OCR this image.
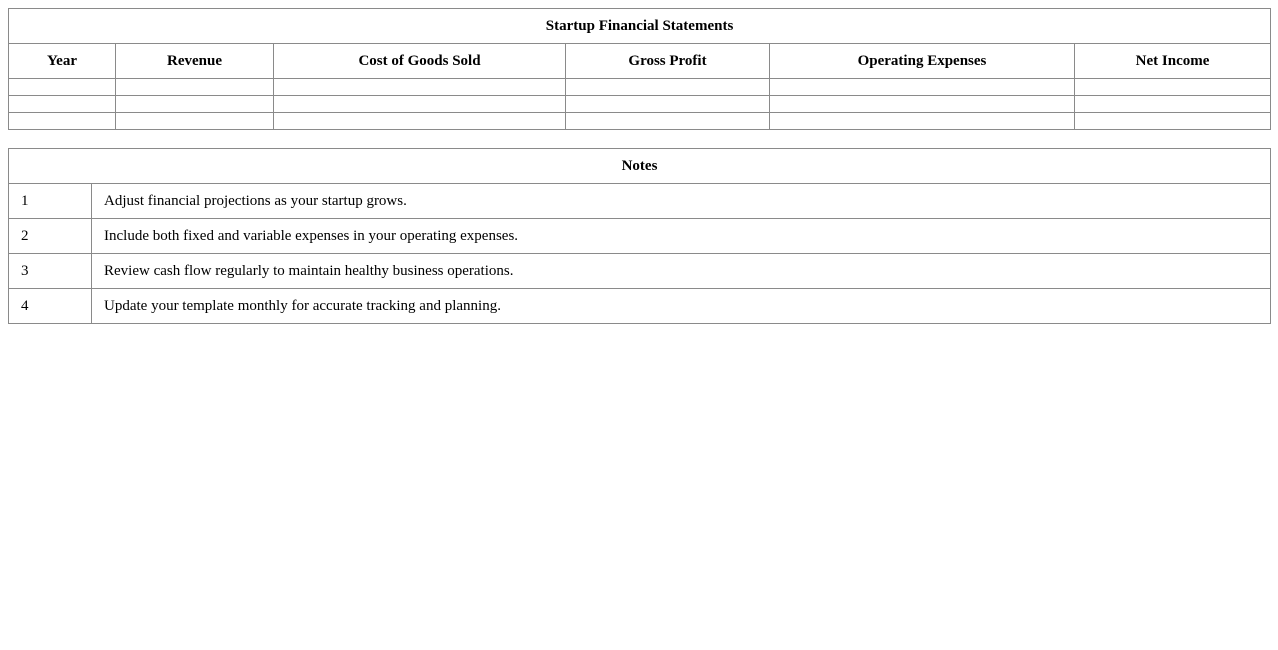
Startup Financial Statements					
Year	Revenue	Cost of Goods Sold	Gross Profit	Operating Expenses	Net Income

Notes	
1	Adjust financial projections as your startup grows.
2	Include both fixed and variable expenses in your operating expenses.
3	Review cash flow regularly to maintain healthy business operations.
4	Update your template monthly for accurate tracking and planning.
